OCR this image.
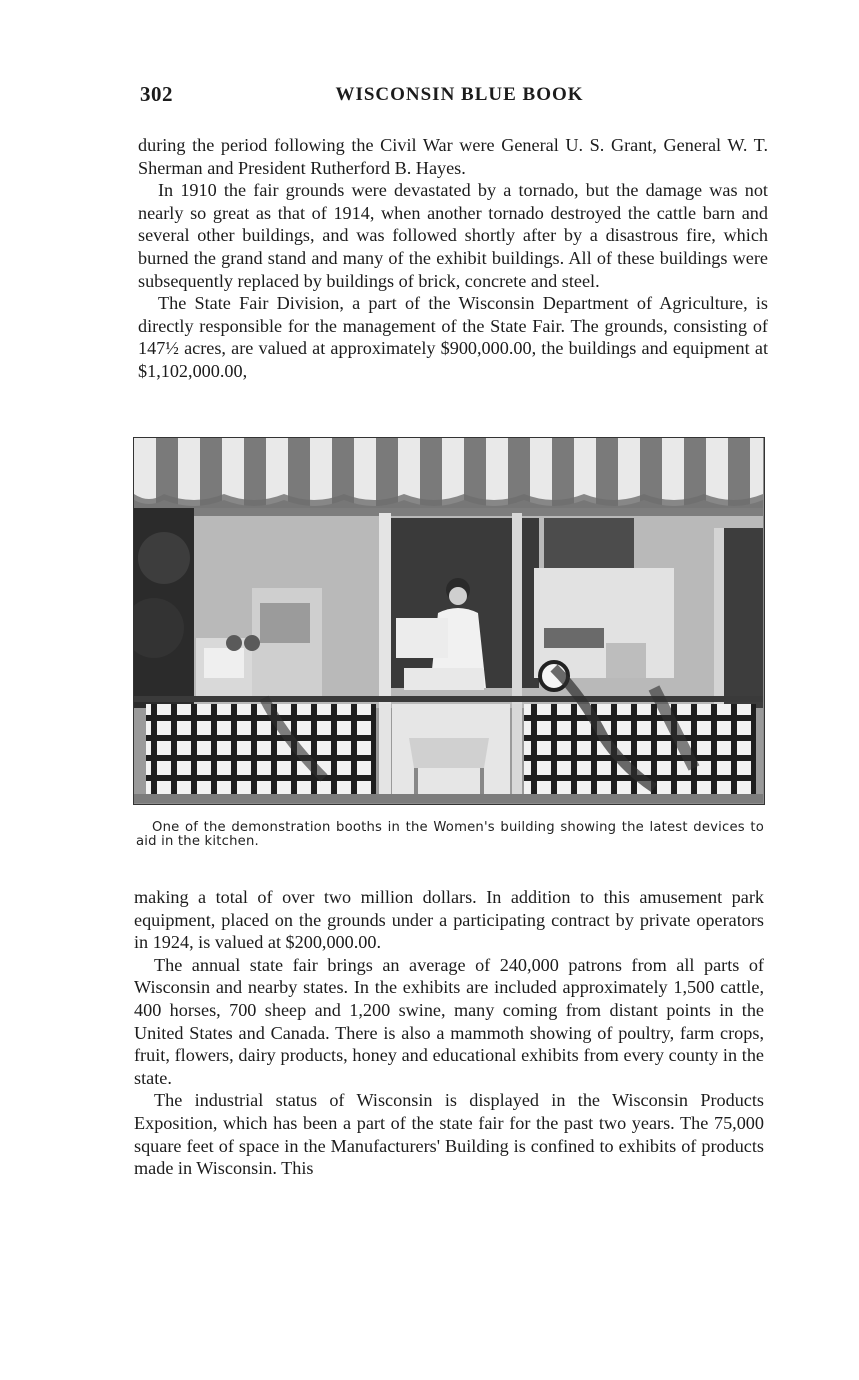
302	WISCONSIN BLUE BOOK

during the period following the Civil War were General U. S. Grant, General W. T. Sherman and President Rutherford B. Hayes.

In 1910 the fair grounds were devastated by a tornado, but the damage was not nearly so great as that of 1914, when another tornado destroyed the cattle barn and several other buildings, and was followed shortly after by a disastrous fire, which burned the grand stand and many of the exhibit buildings. All of these buildings were subsequently replaced by buildings of brick, concrete and steel.

The State Fair Division, a part of the Wisconsin Department of Agriculture, is directly responsible for the management of the State Fair. The grounds, consisting of 147½ acres, are valued at approximately $900,000.00, the buildings and equipment at $1,102,000.00,

One of the demonstration booths in the Women's building showing the latest devices to aid in the kitchen.

making a total of over two million dollars. In addition to this amusement park equipment, placed on the grounds under a participating contract by private operators in 1924, is valued at $200,000.00.

The annual state fair brings an average of 240,000 patrons from all parts of Wisconsin and nearby states. In the exhibits are included approximately 1,500 cattle, 400 horses, 700 sheep and 1,200 swine, many coming from distant points in the United States and Canada. There is also a mammoth showing of poultry, farm crops, fruit, flowers, dairy products, honey and educational exhibits from every county in the state.

The industrial status of Wisconsin is displayed in the Wisconsin Products Exposition, which has been a part of the state fair for the past two years. The 75,000 square feet of space in the Manufacturers' Building is confined to exhibits of products made in Wisconsin. This
